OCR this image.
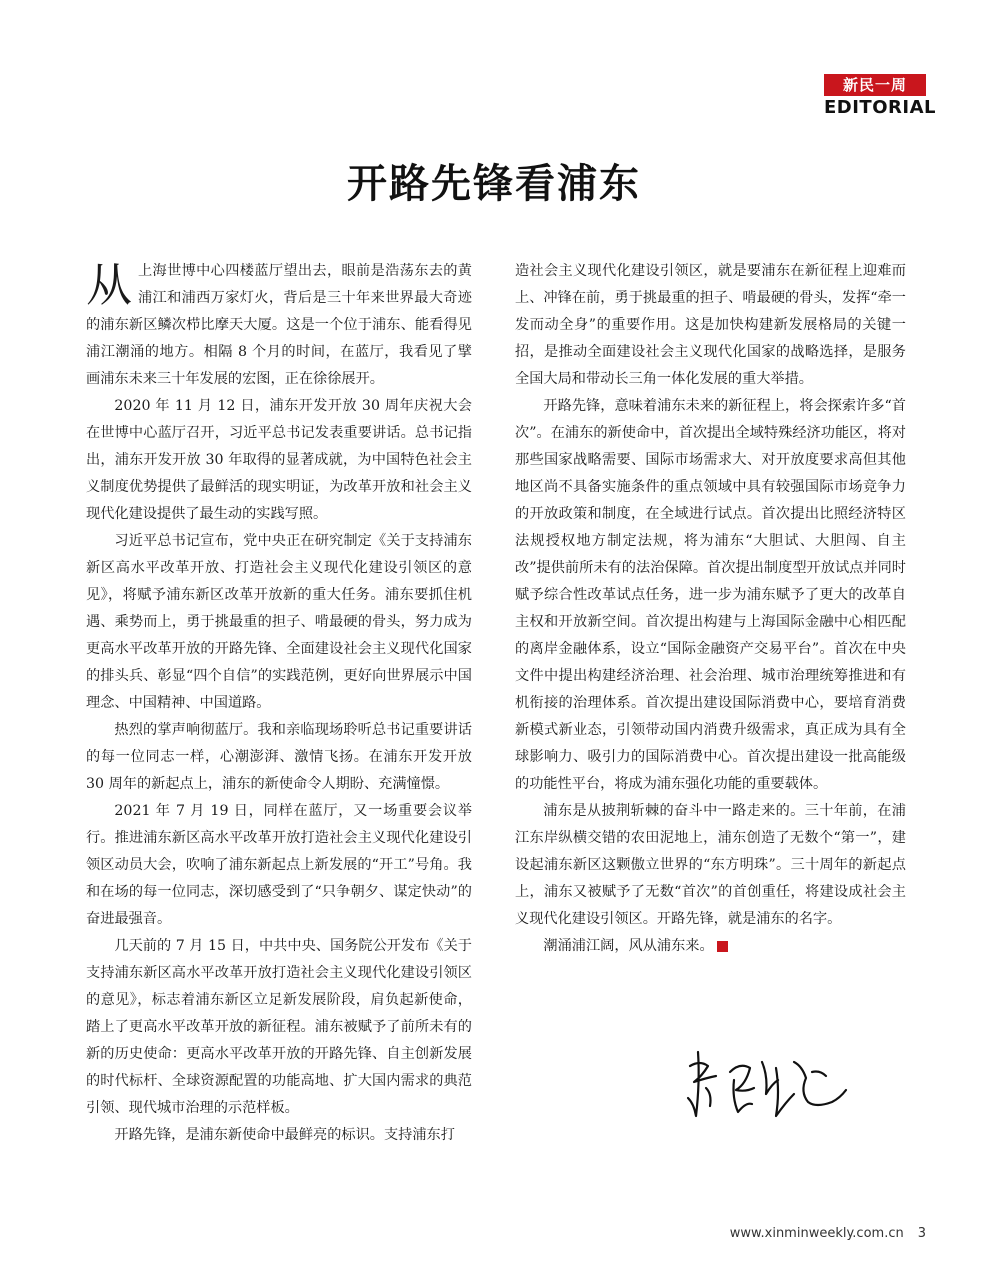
新民一周
EDITORIAL
开路先锋看浦东

从上海世博中心四楼蓝厅望出去，眼前是浩荡东去的黄浦江和浦西万家灯火，背后是三十年来世界最大奇迹的浦东新区鳞次栉比摩天大厦。这是一个位于浦东、能看得见浦江潮涌的地方。相隔 8 个月的时间，在蓝厅，我看见了擘画浦东未来三十年发展的宏图，正在徐徐展开。

2020 年 11 月 12 日，浦东开发开放 30 周年庆祝大会在世博中心蓝厅召开，习近平总书记发表重要讲话。总书记指出，浦东开发开放 30 年取得的显著成就，为中国特色社会主义制度优势提供了最鲜活的现实明证，为改革开放和社会主义现代化建设提供了最生动的实践写照。

习近平总书记宣布，党中央正在研究制定《关于支持浦东新区高水平改革开放、打造社会主义现代化建设引领区的意见》，将赋予浦东新区改革开放新的重大任务。浦东要抓住机遇、乘势而上，勇于挑最重的担子、啃最硬的骨头，努力成为更高水平改革开放的开路先锋、全面建设社会主义现代化国家的排头兵、彰显“四个自信”的实践范例，更好向世界展示中国理念、中国精神、中国道路。

热烈的掌声响彻蓝厅。我和亲临现场聆听总书记重要讲话的每一位同志一样，心潮澎湃、激情飞扬。在浦东开发开放 30 周年的新起点上，浦东的新使命令人期盼、充满憧憬。

2021 年 7 月 19 日，同样在蓝厅，又一场重要会议举行。推进浦东新区高水平改革开放打造社会主义现代化建设引领区动员大会，吹响了浦东新起点上新发展的“开工”号角。我和在场的每一位同志，深切感受到了“只争朝夕、谋定快动”的奋进最强音。

几天前的 7 月 15 日，中共中央、国务院公开发布《关于支持浦东新区高水平改革开放打造社会主义现代化建设引领区的意见》，标志着浦东新区立足新发展阶段，肩负起新使命，踏上了更高水平改革开放的新征程。浦东被赋予了前所未有的新的历史使命：更高水平改革开放的开路先锋、自主创新发展的时代标杆、全球资源配置的功能高地、扩大国内需求的典范引领、现代城市治理的示范样板。

开路先锋，是浦东新使命中最鲜亮的标识。支持浦东打

造社会主义现代化建设引领区，就是要浦东在新征程上迎难而上、冲锋在前，勇于挑最重的担子、啃最硬的骨头，发挥“牵一发而动全身”的重要作用。这是加快构建新发展格局的关键一招，是推动全面建设社会主义现代化国家的战略选择，是服务全国大局和带动长三角一体化发展的重大举措。

开路先锋，意味着浦东未来的新征程上，将会探索许多“首次”。在浦东的新使命中，首次提出全域特殊经济功能区，将对那些国家战略需要、国际市场需求大、对开放度要求高但其他地区尚不具备实施条件的重点领域中具有较强国际市场竞争力的开放政策和制度，在全域进行试点。首次提出比照经济特区法规授权地方制定法规，将为浦东“大胆试、大胆闯、自主改”提供前所未有的法治保障。首次提出制度型开放试点并同时赋予综合性改革试点任务，进一步为浦东赋予了更大的改革自主权和开放新空间。首次提出构建与上海国际金融中心相匹配的离岸金融体系，设立“国际金融资产交易平台”。首次在中央文件中提出构建经济治理、社会治理、城市治理统筹推进和有机衔接的治理体系。首次提出建设国际消费中心，要培育消费新模式新业态，引领带动国内消费升级需求，真正成为具有全球影响力、吸引力的国际消费中心。首次提出建设一批高能级的功能性平台，将成为浦东强化功能的重要载体。

浦东是从披荆斩棘的奋斗中一路走来的。三十年前，在浦江东岸纵横交错的农田泥地上，浦东创造了无数个“第一”，建设起浦东新区这颗傲立世界的“东方明珠”。三十周年的新起点上，浦东又被赋予了无数“首次”的首创重任，将建设成社会主义现代化建设引领区。开路先锋，就是浦东的名字。

潮涌浦江阔，风从浦东来。

www.xinminweekly.com.cn 3
